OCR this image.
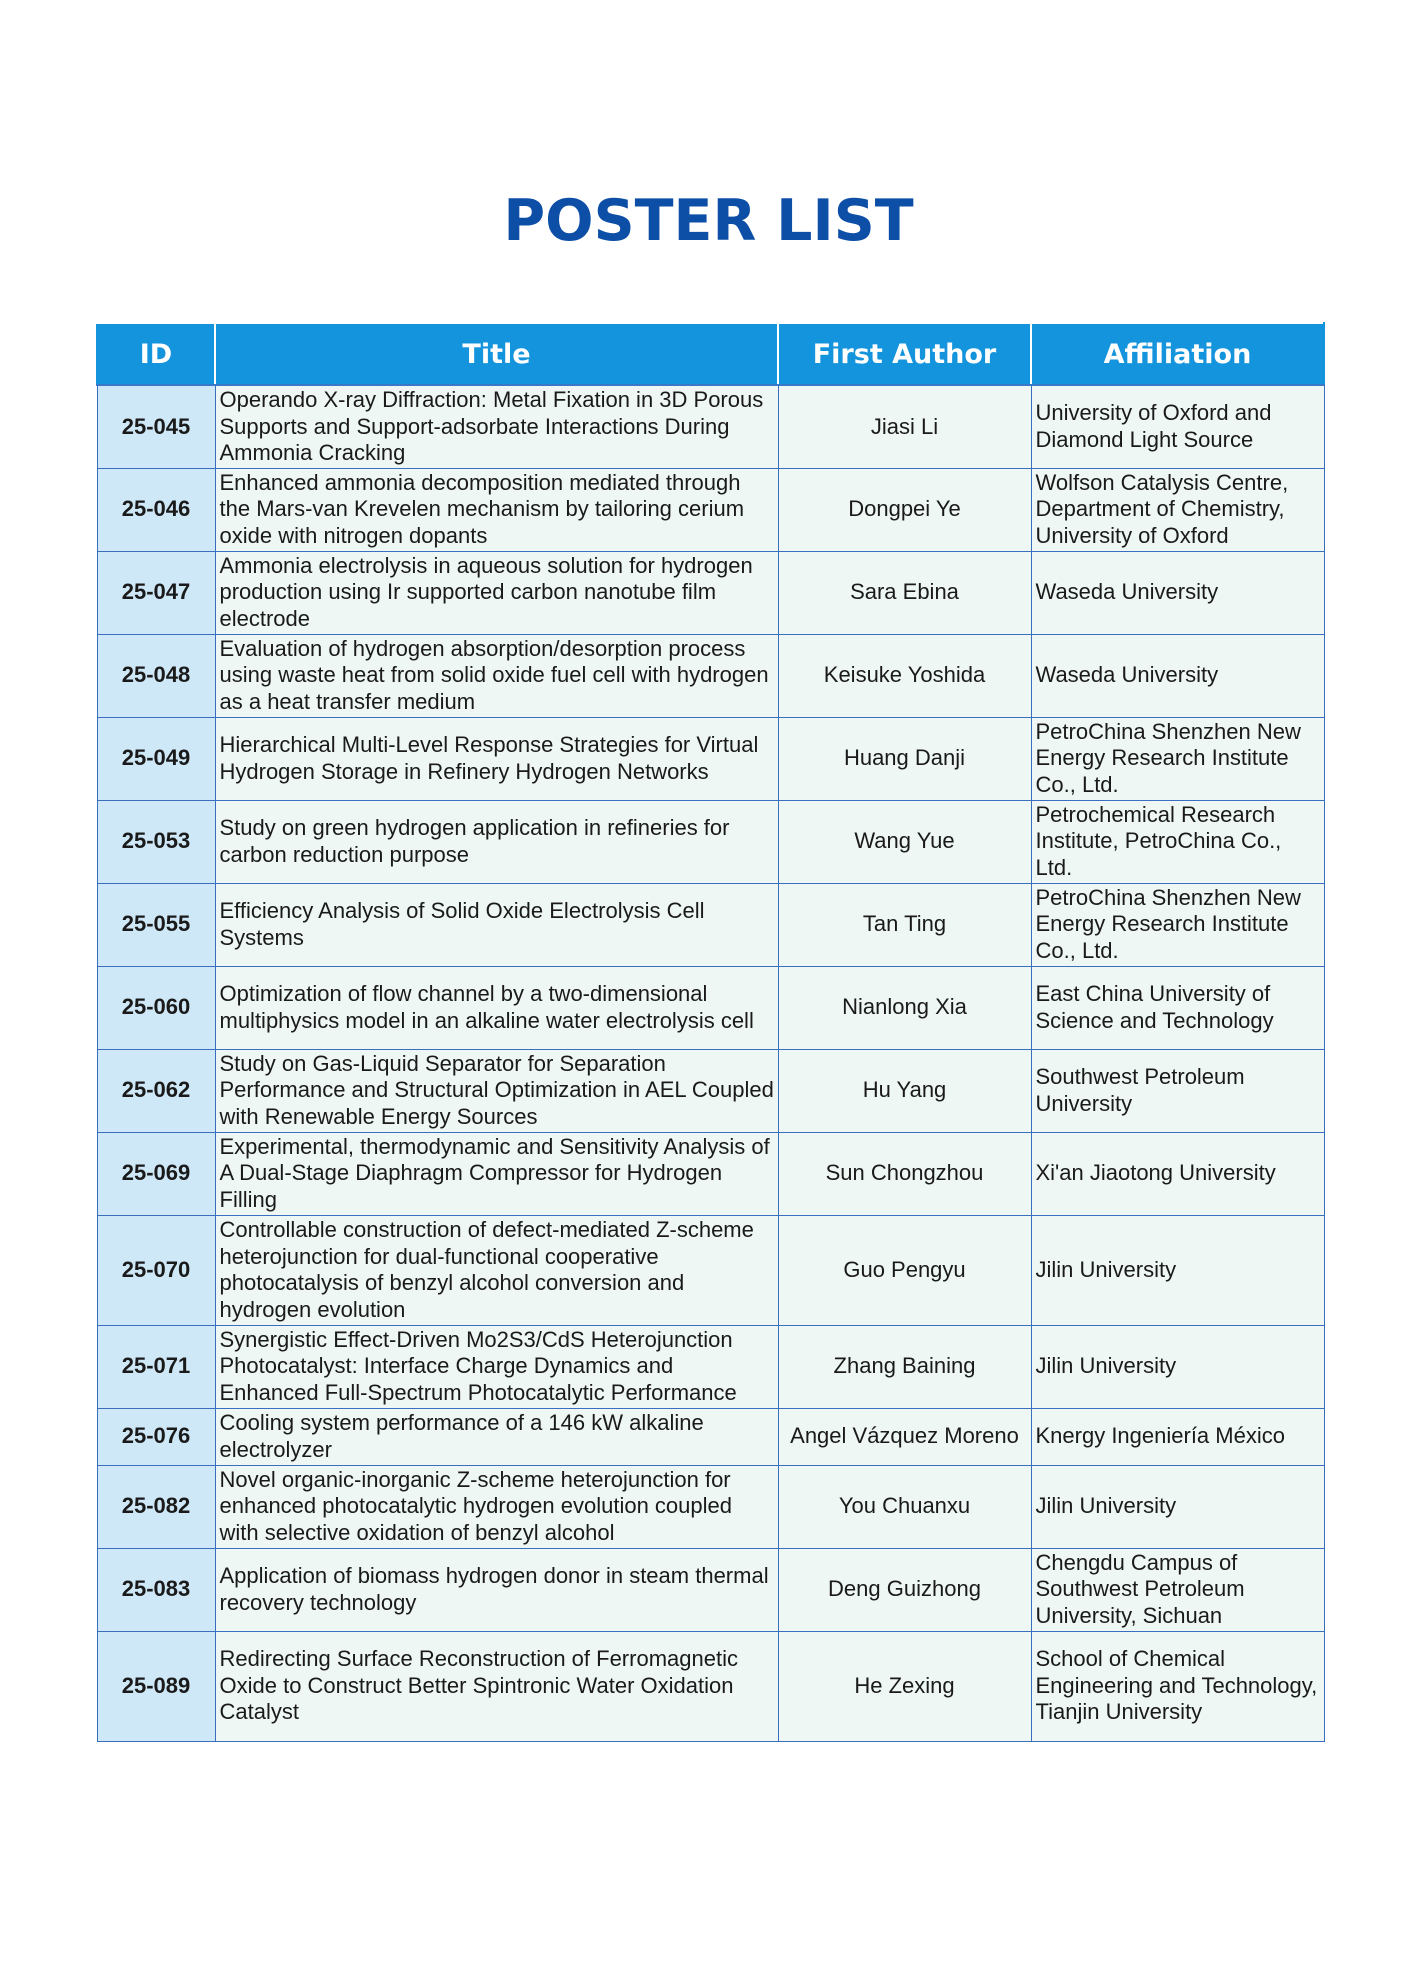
POSTER LIST
ID	Title	First Author	Affiliation
25-045	Operando X-ray Diffraction: Metal Fixation in 3D Porous Supports and Support-adsorbate Interactions During Ammonia Cracking	Jiasi Li	University of Oxford and Diamond Light Source
25-046	Enhanced ammonia decomposition mediated through the Mars-van Krevelen mechanism by tailoring cerium oxide with nitrogen dopants	Dongpei Ye	Wolfson Catalysis Centre, Department of Chemistry, University of Oxford
25-047	Ammonia electrolysis in aqueous solution for hydrogen production using Ir supported carbon nanotube film electrode	Sara Ebina	Waseda University
25-048	Evaluation of hydrogen absorption/desorption process using waste heat from solid oxide fuel cell with hydrogen as a heat transfer medium	Keisuke Yoshida	Waseda University
25-049	Hierarchical Multi-Level Response Strategies for Virtual Hydrogen Storage in Refinery Hydrogen Networks	Huang Danji	PetroChina Shenzhen New Energy Research Institute Co., Ltd.
25-053	Study on green hydrogen application in refineries for carbon reduction purpose	Wang Yue	Petrochemical Research Institute, PetroChina Co., Ltd.
25-055	Efficiency Analysis of Solid Oxide Electrolysis Cell Systems	Tan Ting	PetroChina Shenzhen New Energy Research Institute Co., Ltd.
25-060	Optimization of flow channel by a two-dimensional multiphysics model in an alkaline water electrolysis cell	Nianlong Xia	East China University of Science and Technology
25-062	Study on Gas-Liquid Separator for Separation Performance and Structural Optimization in AEL Coupled with Renewable Energy Sources	Hu Yang	Southwest Petroleum University
25-069	Experimental, thermodynamic and Sensitivity Analysis of A Dual-Stage Diaphragm Compressor for Hydrogen Filling	Sun Chongzhou	Xi'an Jiaotong University
25-070	Controllable construction of defect-mediated Z-scheme heterojunction for dual-functional cooperative photocatalysis of benzyl alcohol conversion and hydrogen evolution	Guo Pengyu	Jilin University
25-071	Synergistic Effect-Driven Mo2S3/CdS Heterojunction Photocatalyst: Interface Charge Dynamics and Enhanced Full-Spectrum Photocatalytic Performance	Zhang Baining	Jilin University
25-076	Cooling system performance of a 146 kW alkaline electrolyzer	Angel Vázquez Moreno	Knergy Ingeniería México
25-082	Novel organic-inorganic Z-scheme heterojunction for enhanced photocatalytic hydrogen evolution coupled with selective oxidation of benzyl alcohol	You Chuanxu	Jilin University
25-083	Application of biomass hydrogen donor in steam thermal recovery technology	Deng Guizhong	Chengdu Campus of Southwest Petroleum University, Sichuan
25-089	Redirecting Surface Reconstruction of Ferromagnetic Oxide to Construct Better Spintronic Water Oxidation Catalyst	He Zexing	School of Chemical Engineering and Technology, Tianjin University
